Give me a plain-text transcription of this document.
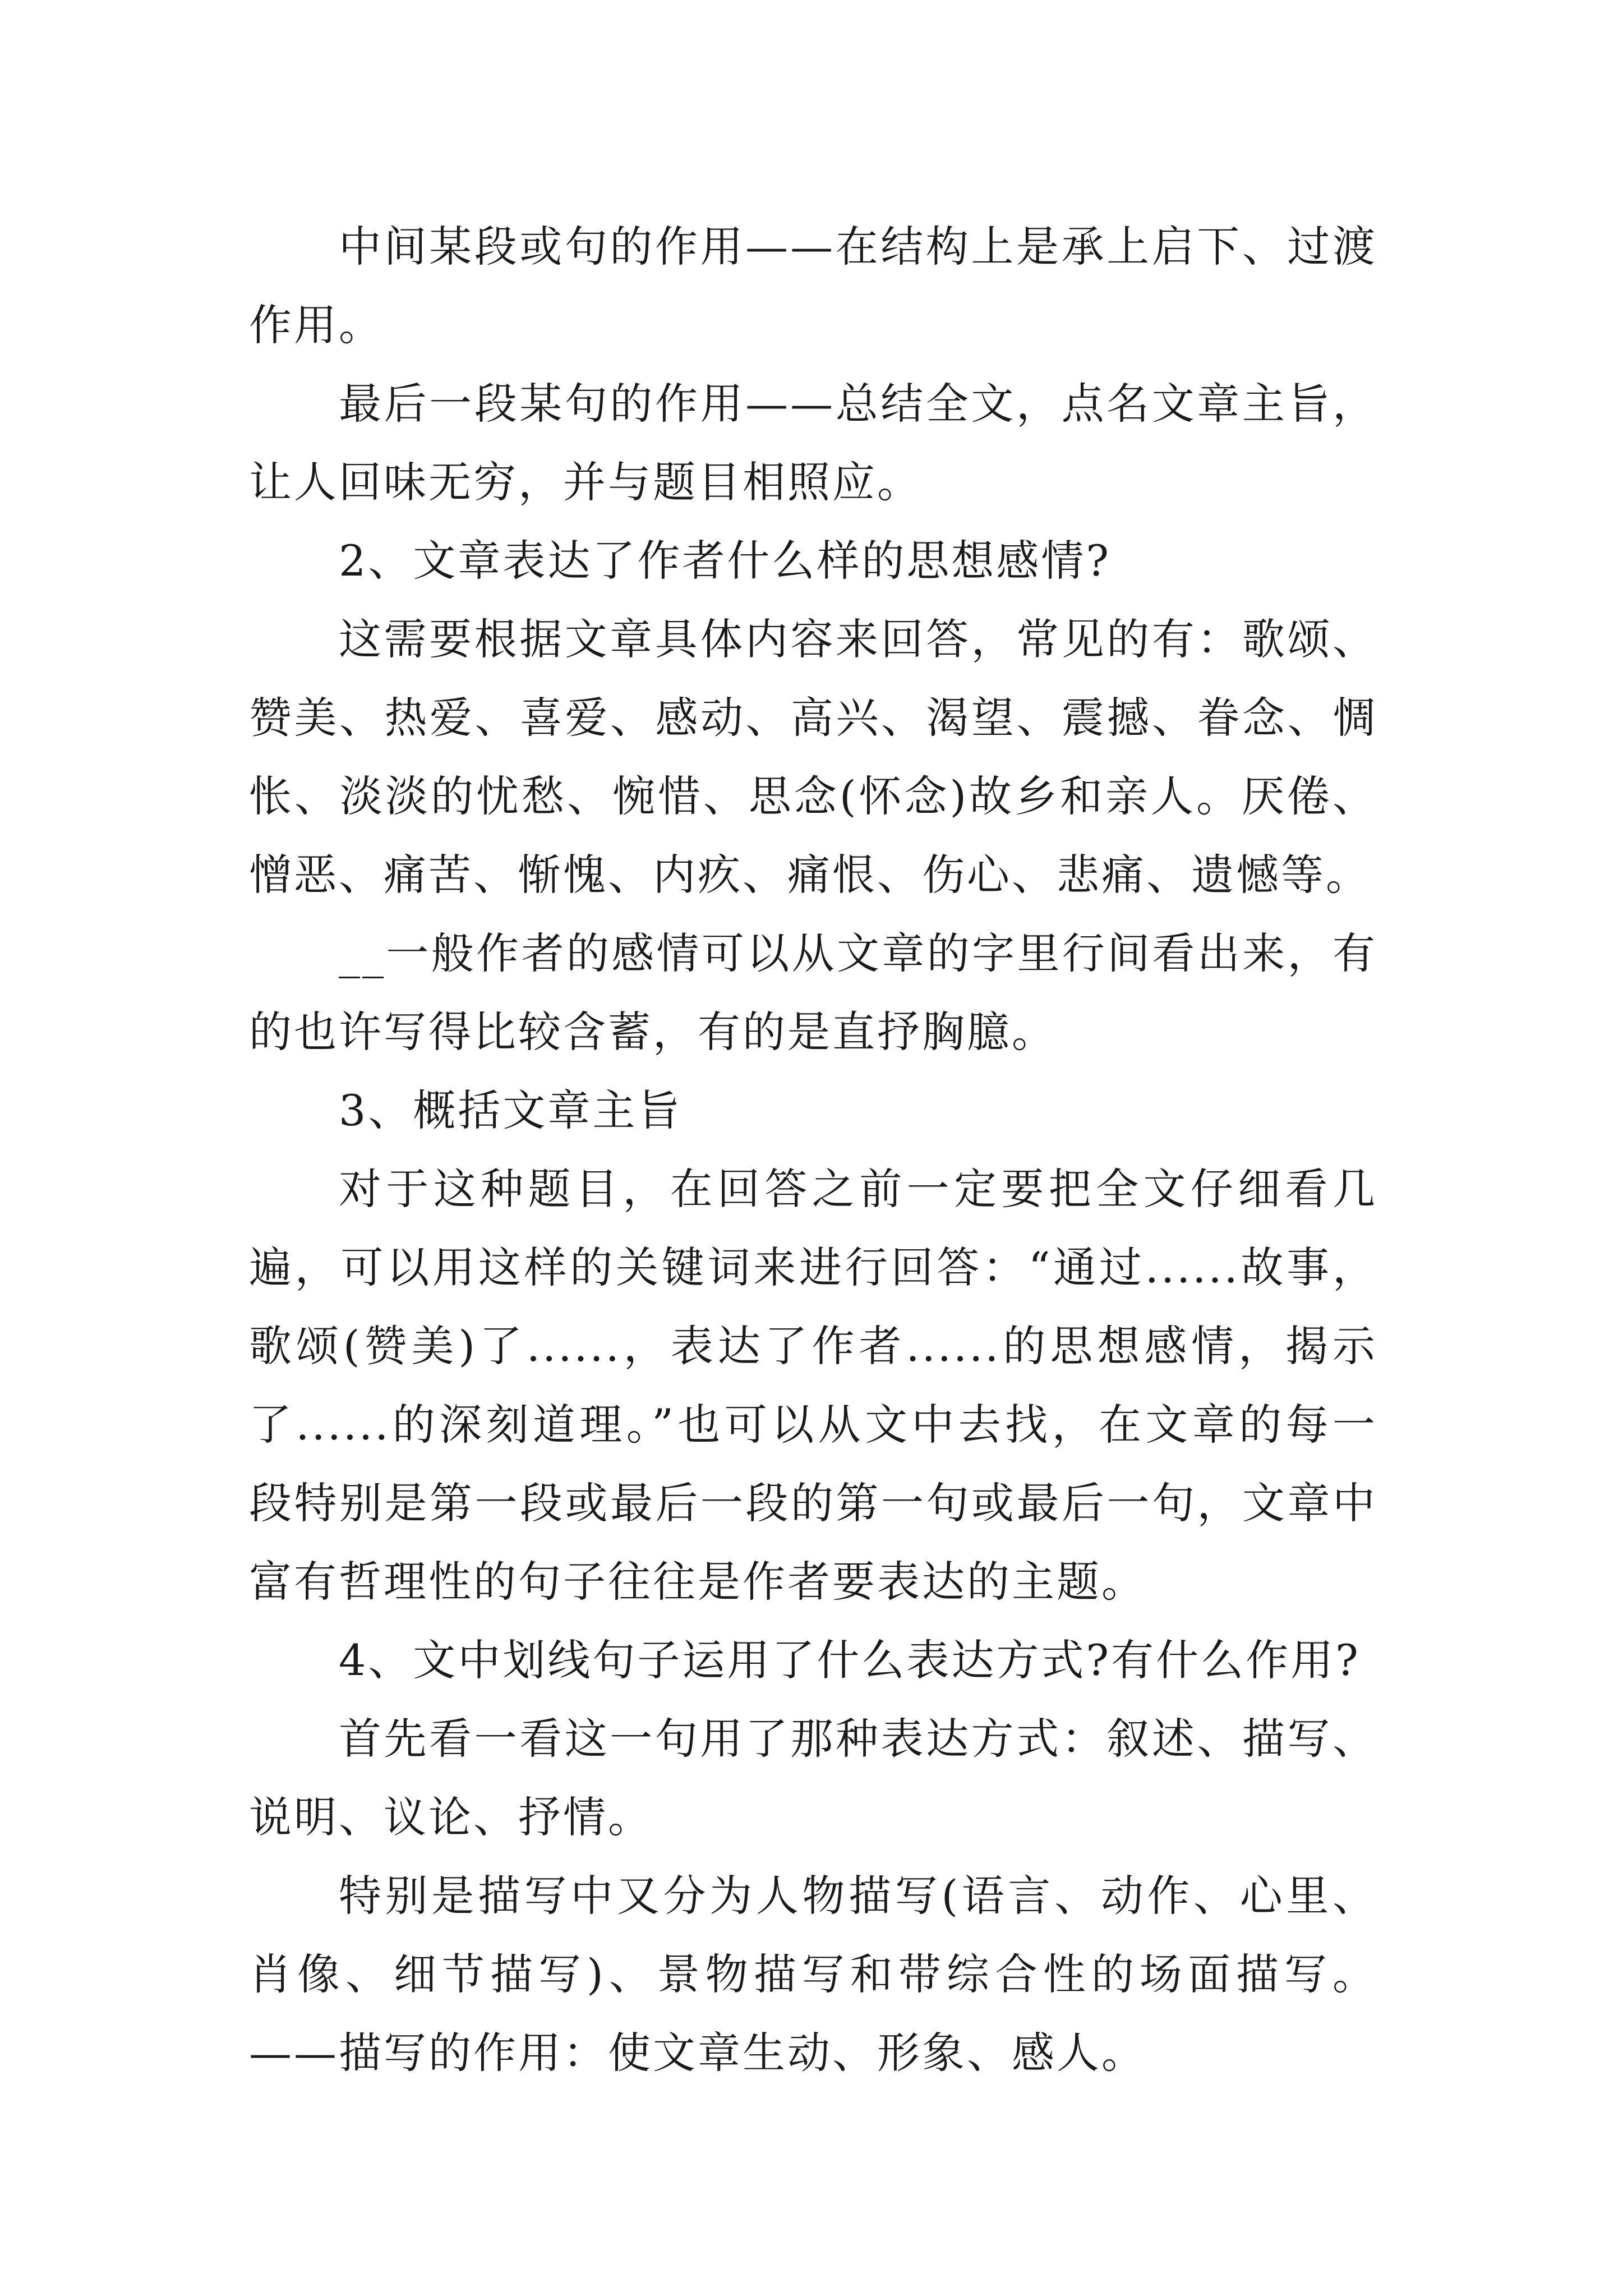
中间某段或句的作用——在结构上是承上启下、过渡作用。

最后一段某句的作用——总结全文，点名文章主旨，让人回味无穷，并与题目相照应。

2、文章表达了作者什么样的思想感情?

这需要根据文章具体内容来回答，常见的有：歌颂、赞美、热爱、喜爱、感动、高兴、渴望、震撼、眷念、惆怅、淡淡的忧愁、惋惜、思念(怀念)故乡和亲人。厌倦、憎恶、痛苦、惭愧、内疚、痛恨、伤心、悲痛、遗憾等。

__一般作者的感情可以从文章的字里行间看出来，有的也许写得比较含蓄，有的是直抒胸臆。

3、概括文章主旨

对于这种题目，在回答之前一定要把全文仔细看几遍，可以用这样的关键词来进行回答：“通过......故事，歌颂(赞美)了......，表达了作者......的思想感情，揭示了......的深刻道理。”也可以从文中去找，在文章的每一段特别是第一段或最后一段的第一句或最后一句，文章中富有哲理性的句子往往是作者要表达的主题。

4、文中划线句子运用了什么表达方式?有什么作用?

首先看一看这一句用了那种表达方式：叙述、描写、说明、议论、抒情。

特别是描写中又分为人物描写(语言、动作、心里、肖像、细节描写)、景物描写和带综合性的场面描写。——描写的作用：使文章生动、形象、感人。
